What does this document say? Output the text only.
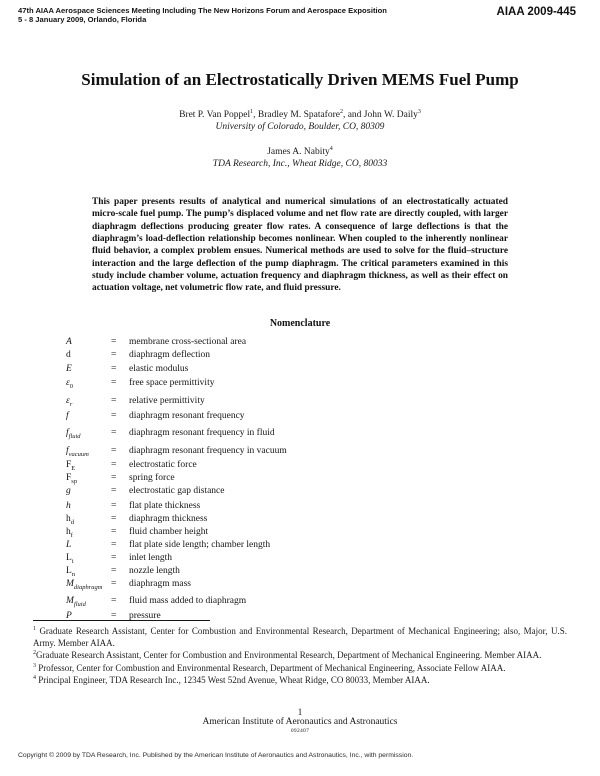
47th AIAA Aerospace Sciences Meeting Including The New Horizons Forum and Aerospace Exposition
5 - 8 January 2009, Orlando, Florida
AIAA 2009-445
Simulation of an Electrostatically Driven MEMS Fuel Pump

Bret P. Van Poppel$^1$, Bradley M. Spatafore$^2$, and John W. Daily$^3$
University of Colorado, Boulder, CO, 80309

James A. Nabity$^4$
TDA Research, Inc., Wheat Ridge, CO, 80033

This paper presents results of analytical and numerical simulations of an electrostatically actuated micro-scale fuel pump. The pump’s displaced volume and net flow rate are directly coupled, with larger diaphragm deflections producing greater flow rates. A consequence of large deflections is that the diaphragm’s load-deflection relationship becomes nonlinear. When coupled to the inherently nonlinear fluid behavior, a complex problem ensues. Numerical methods are used to solve for the fluid–structure interaction and the large deflection of the pump diaphragm. The critical parameters examined in this study include chamber volume, actuation frequency and diaphragm thickness, as well as their effect on actuation voltage, net volumetric flow rate, and fluid pressure.

Nomenclature
A	=	membrane cross-sectional area
d	=	diaphragm deflection
E	=	elastic modulus
$\varepsilon_0$	=	free space permittivity
$\varepsilon_r$	=	relative permittivity
f	=	diaphragm resonant frequency
$f_{fluid}$	=	diaphragm resonant frequency in fluid
$f_{vacuum}$	=	diaphragm resonant frequency in vacuum
$F_E$	=	electrostatic force
$F_{sp}$	=	spring force
g	=	electrostatic gap distance
h	=	flat plate thickness
$h_d$	=	diaphragm thickness
$h_f$	=	fluid chamber height
L	=	flat plate side length; chamber length
$L_i$	=	inlet length
$L_n$	=	nozzle length
$M_{diaphragm}$ =	diaphragm mass
$M_{fluid}$	=	fluid mass added to diaphragm
P	=	pressure

$^1$ Graduate Research Assistant, Center for Combustion and Environmental Research, Department of Mechanical Engineering; also, Major, U.S. Army. Member AIAA.

$^2$Graduate Research Assistant, Center for Combustion and Environmental Research, Department of Mechanical Engineering. Member AIAA.

$^3$ Professor, Center for Combustion and Environmental Research, Department of Mechanical Engineering, Associate Fellow AIAA.

$^4$ Principal Engineer, TDA Research Inc., 12345 West 52nd Avenue, Wheat Ridge, CO 80033, Member AIAA.

1
American Institute of Aeronautics and Astronautics
092407
Copyright © 2009 by TDA Research, Inc. Published by the American Institute of Aeronautics and Astronautics, Inc., with permission.
